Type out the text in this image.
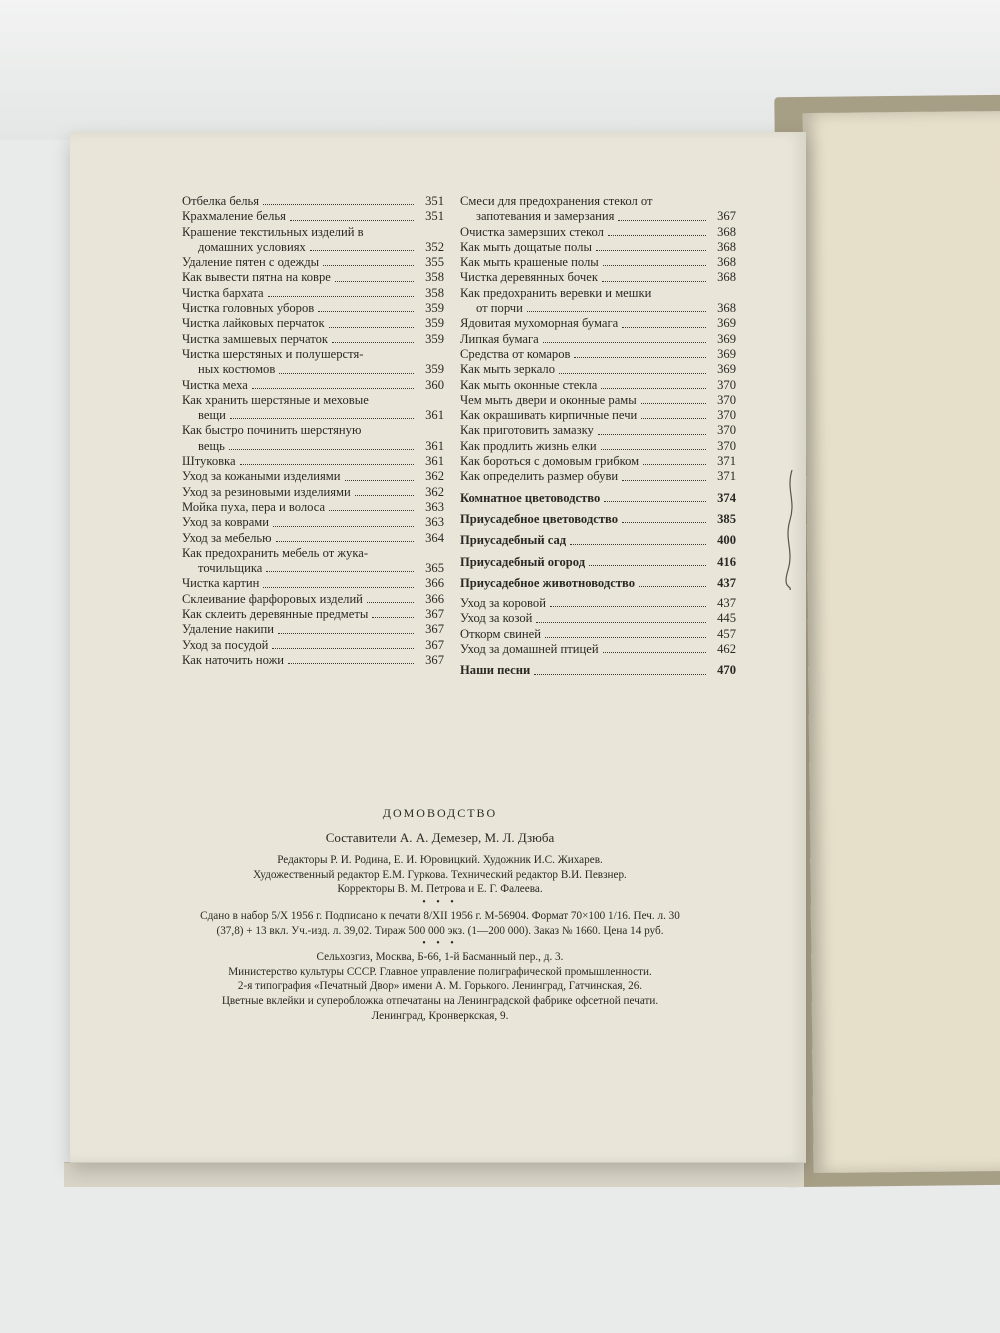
Отбелка белья	351
Крахмаление белья	351
Крашение текстильных изделий в
домашних условиях	352
Удаление пятен с одежды	355
Как вывести пятна на ковре	358
Чистка бархата	358
Чистка головных уборов	359
Чистка лайковых перчаток	359
Чистка замшевых перчаток	359
Чистка шерстяных и полушерстя-
ных костюмов	359
Чистка меха	360
Как хранить шерстяные и меховые
вещи	361
Как быстро починить шерстяную
вещь	361
Штуковка	361
Уход за кожаными изделиями	362
Уход за резиновыми изделиями	362
Мойка пуха, пера и волоса	363
Уход за коврами	363
Уход за мебелью	364
Как предохранить мебель от жука-
точильщика	365
Чистка картин	366
Склеивание фарфоровых изделий	366
Как склеить деревянные предметы	367
Удаление накипи	367
Уход за посудой	367
Как наточить ножи	367
Смеси для предохранения стекол от
запотевания и замерзания	367
Очистка замерзших стекол	368
Как мыть дощатые полы	368
Как мыть крашеные полы	368
Чистка деревянных бочек	368
Как предохранить веревки и мешки
от порчи	368
Ядовитая мухоморная бумага	369
Липкая бумага	369
Средства от комаров	369
Как мыть зеркало	369
Как мыть оконные стекла	370
Чем мыть двери и оконные рамы	370
Как окрашивать кирпичные печи	370
Как приготовить замазку	370
Как продлить жизнь елки	370
Как бороться с домовым грибком	371
Как определить размер обуви	371
Комнатное цветоводство	374
Приусадебное цветоводство	385
Приусадебный сад	400
Приусадебный огород	416
Приусадебное животноводство	437
Уход за коровой	437
Уход за козой	445
Откорм свиней	457
Уход за домашней птицей	462
Наши песни	470
ДОМОВОДСТВО
Составители А. А. Демезер, М. Л. Дзюба
Редакторы Р. И. Родина, Е. И. Юровицкий. Художник И.С. Жихарев.
Художественный редактор Е.М. Гуркова. Технический редактор В.И. Певзнер.
Корректоры В. М. Петрова и Е. Г. Фалеева.
• • •
Сдано в набор 5/X 1956 г. Подписано к печати 8/XII 1956 г. М-56904. Формат 70×100 1/16. Печ. л. 30
(37,8) + 13 вкл. Уч.-изд. л. 39,02. Тираж 500 000 экз. (1—200 000). Заказ № 1660. Цена 14 руб.
• • •
Сельхозгиз, Москва, Б-66, 1-й Басманный пер., д. 3.
Министерство культуры СССР. Главное управление полиграфической промышленности.
2-я типография «Печатный Двор» имени А. М. Горького. Ленинград, Гатчинская, 26.
Цветные вклейки и суперобложка отпечатаны на Ленинградской фабрике офсетной печати.
Ленинград, Кронверкская, 9.
